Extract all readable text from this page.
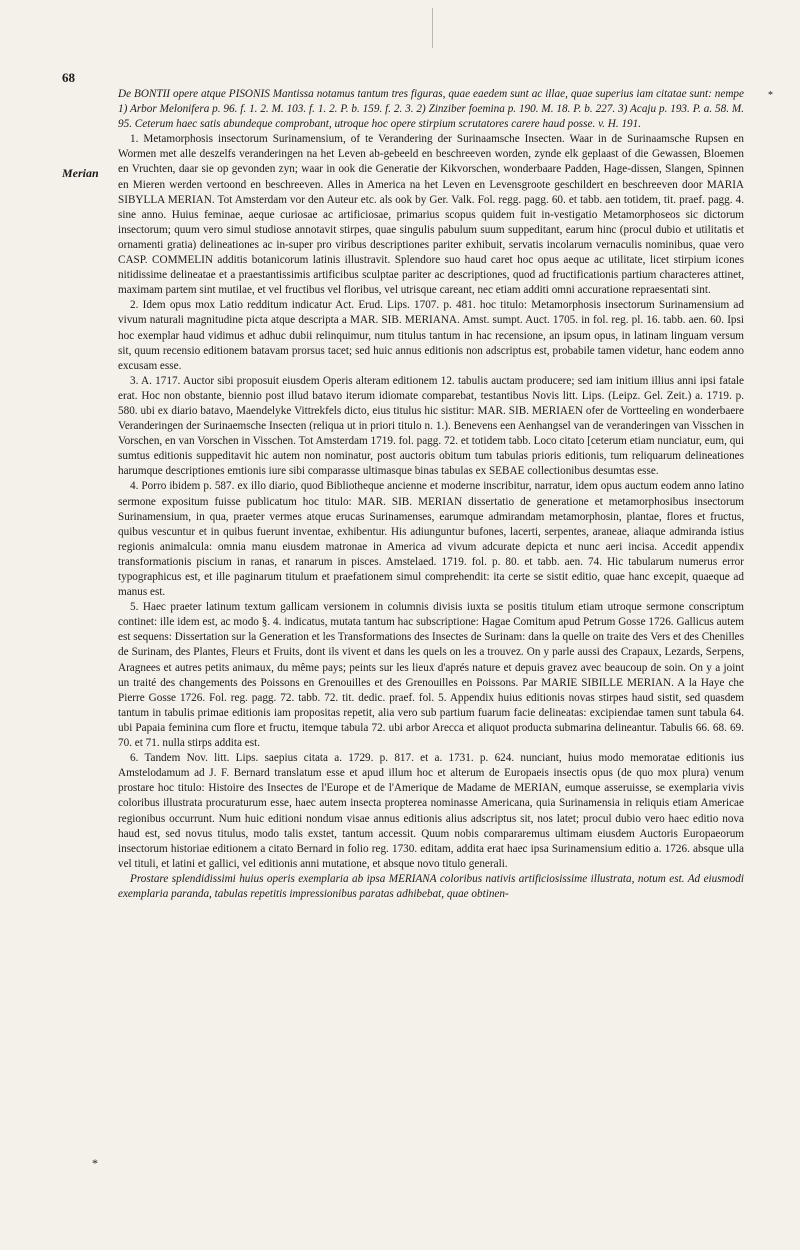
*
68
Merian
*

De BONTII opere atque PISONIS Mantissa notamus tantum tres figuras, quae eaedem sunt ac illae, quae superius iam citatae sunt: nempe 1) Arbor Melonifera p. 96. f. 1. 2. M. 103. f. 1. 2. P. b. 159. f. 2. 3. 2) Zinziber foemina p. 190. M. 18. P. b. 227. 3) Acaju p. 193. P. a. 58. M. 95. Ceterum haec satis abundeque comprobant, utroque hoc opere stirpium scrutatores carere haud posse. v. H. 191.

1. Metamorphosis insectorum Surinamensium, of te Verandering der Surinaamsche Insecten. Waar in de Surinaamsche Rupsen en Wormen met alle deszelfs veranderingen na het Leven ab-gebeeld en beschreeven worden, zynde elk geplaast of die Gewassen, Bloemen en Vruchten, daar sie op gevonden zyn; waar in ook die Generatie der Kikvorschen, wonderbaare Padden, Hage-dissen, Slangen, Spinnen en Mieren werden vertoond en beschreeven. Alles in America na het Leven en Levensgroote geschildert en beschreeven door MARIA SIBYLLA MERIAN. Tot Amsterdam vor den Auteur etc. als ook by Ger. Valk. Fol. regg. pagg. 60. et tabb. aen totidem, tit. praef. pagg. 4. sine anno. Huius feminae, aeque curiosae ac artificiosae, primarius scopus quidem fuit in-vestigatio Metamorphoseos sic dictorum insectorum; quum vero simul studiose annotavit stirpes, quae singulis pabulum suum suppeditant, earum hinc (procul dubio et utilitatis et ornamenti gratia) delineationes ac in-super pro viribus descriptiones pariter exhibuit, servatis incolarum vernaculis nominibus, quae vero CASP. COMMELIN additis botanicorum latinis illustravit. Splendore suo haud caret hoc opus aeque ac utilitate, licet stirpium icones nitidissime delineatae et a praestantissimis artificibus sculptae pariter ac descriptiones, quod ad fructificationis partium characteres attinet, maximam partem sint mutilae, et vel fructibus vel floribus, vel utrisque careant, nec etiam additi omni accuratione repraesentati sint.

2. Idem opus mox Latio redditum indicatur Act. Erud. Lips. 1707. p. 481. hoc titulo: Metamorphosis insectorum Surinamensium ad vivum naturali magnitudine picta atque descripta a MAR. SIB. MERIANA. Amst. sumpt. Auct. 1705. in fol. reg. pl. 16. tabb. aen. 60. Ipsi hoc exemplar haud vidimus et adhuc dubii relinquimur, num titulus tantum in hac recensione, an ipsum opus, in latinam linguam versum sit, quum recensio editionem batavam prorsus tacet; sed huic annus editionis non adscriptus est, probabile tamen videtur, hanc eodem anno excusam esse.

3. A. 1717. Auctor sibi proposuit eiusdem Operis alteram editionem 12. tabulis auctam producere; sed iam initium illius anni ipsi fatale erat. Hoc non obstante, biennio post illud batavo iterum idiomate comparebat, testantibus Novis litt. Lips. (Leipz. Gel. Zeit.) a. 1719. p. 580. ubi ex diario batavo, Maendelyke Vittrekfels dicto, eius titulus hic sistitur: MAR. SIB. MERIAEN ofer de Vortteeling en wonderbaere Veranderingen der Surinaemsche Insecten (reliqua ut in priori titulo n. 1.). Benevens een Aenhangsel van de veranderingen van Visschen in Vorschen, en van Vorschen in Visschen. Tot Amsterdam 1719. fol. pagg. 72. et totidem tabb. Loco citato [ceterum etiam nunciatur, eum, qui sumtus editionis suppeditavit hic autem non nominatur, post auctoris obitum tum tabulas prioris editionis, tum reliquarum delineationes harumque descriptiones emtionis iure sibi comparasse ultimasque binas tabulas ex SEBAE collectionibus desumtas esse.

4. Porro ibidem p. 587. ex illo diario, quod Bibliotheque ancienne et moderne inscribitur, narratur, idem opus auctum eodem anno latino sermone expositum fuisse publicatum hoc titulo: MAR. SIB. MERIAN dissertatio de generatione et metamorphosibus insectorum Surinamensium, in qua, praeter vermes atque erucas Surinamenses, earumque admirandam metamorphosin, plantae, flores et fructus, quibus vescuntur et in quibus fuerunt inventae, exhibentur. His adiunguntur bufones, lacerti, serpentes, araneae, aliaque admiranda istius regionis animalcula: omnia manu eiusdem matronae in America ad vivum adcurate depicta et nunc aeri incisa. Accedit appendix transformationis piscium in ranas, et ranarum in pisces. Amstelaed. 1719. fol. p. 80. et tabb. aen. 74. Hic tabularum numerus error typographicus est, et ille paginarum titulum et praefationem simul comprehendit: ita certe se sistit editio, quae hanc excepit, quaeque ad manus est.

5. Haec praeter latinum textum gallicam versionem in columnis divisis iuxta se positis titulum etiam utroque sermone conscriptum continet: ille idem est, ac modo §. 4. indicatus, mutata tantum hac subscriptione: Hagae Comitum apud Petrum Gosse 1726. Gallicus autem est sequens: Dissertation sur la Generation et les Transformations des Insectes de Surinam: dans la quelle on traite des Vers et des Chenilles de Surinam, des Plantes, Fleurs et Fruits, dont ils vivent et dans les quels on les a trouvez. On y parle aussi des Crapaux, Lezards, Serpens, Aragnees et autres petits animaux, du même pays; peints sur les lieux d'aprés nature et depuis gravez avec beaucoup de soin. On y a joint un traité des changements des Poissons en Grenouilles et des Grenouilles en Poissons. Par MARIE SIBILLE MERIAN. A la Haye che Pierre Gosse 1726. Fol. reg. pagg. 72. tabb. 72. tit. dedic. praef. fol. 5. Appendix huius editionis novas stirpes haud sistit, sed quasdem tantum in tabulis primae editionis iam propositas repetit, alia vero sub partium fuarum facie delineatas: excipiendae tamen sunt tabula 64. ubi Papaia feminina cum flore et fructu, itemque tabula 72. ubi arbor Arecca et aliquot producta submarina delineantur. Tabulis 66. 68. 69. 70. et 71. nulla stirps addita est.

6. Tandem Nov. litt. Lips. saepius citata a. 1729. p. 817. et a. 1731. p. 624. nunciant, huius modo memoratae editionis ius Amstelodamum ad J. F. Bernard translatum esse et apud illum hoc et alterum de Europaeis insectis opus (de quo mox plura) venum prostare hoc titulo: Histoire des Insectes de l'Europe et de l'Amerique de Madame de MERIAN, eumque asseruisse, se exemplaria vivis coloribus illustrata procuraturum esse, haec autem insecta propterea nominasse Americana, quia Surinamensia in reliquis etiam Americae regionibus occurrunt. Num huic editioni nondum visae annus editionis alius adscriptus sit, nos latet; procul dubio vero haec editio nova haud est, sed novus titulus, modo talis exstet, tantum accessit. Quum nobis compararemus ultimam eiusdem Auctoris Europaeorum insectorum historiae editionem a citato Bernard in folio reg. 1730. editam, addita erat haec ipsa Surinamensium editio a. 1726. absque ulla vel tituli, et latini et gallici, vel editionis anni mutatione, et absque novo titulo generali.

Prostare splendidissimi huius operis exemplaria ab ipsa MERIANA coloribus nativis artificiosissime illustrata, notum est. Ad eiusmodi exemplaria paranda, tabulas repetitis impressionibus paratas adhibebat, quae obtinen-
